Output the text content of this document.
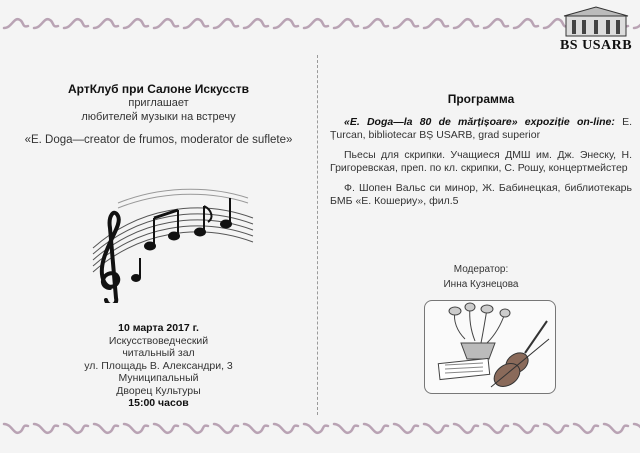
BS USARB
АртКлуб при Салоне Искусств
приглашает
любителей музыки на встречу
«E. Doga—creator de frumos, moderator de suflete»
10 марта 2017 г.
Искусствоведческий
читальный зал
ул. Площадь В. Александри, 3
Муниципальный
Дворец Культуры
15:00 часов
Программа

«E. Doga—la 80 de mărțișoare» expoziție on-line: E. Țurcan, bibliotecar BȘ USARB, grad superior

Пьесы для скрипки. Учащиеся ДМШ им. Дж. Энеску, Н. Григоревская, преп. по кл. скрипки, С. Рошу, концертмейстер

Ф. Шопен Вальс си минор, Ж. Бабинецкая, библиотекарь БМБ «Е. Кошериу», фил.5

Модератор:
Инна Кузнецова
